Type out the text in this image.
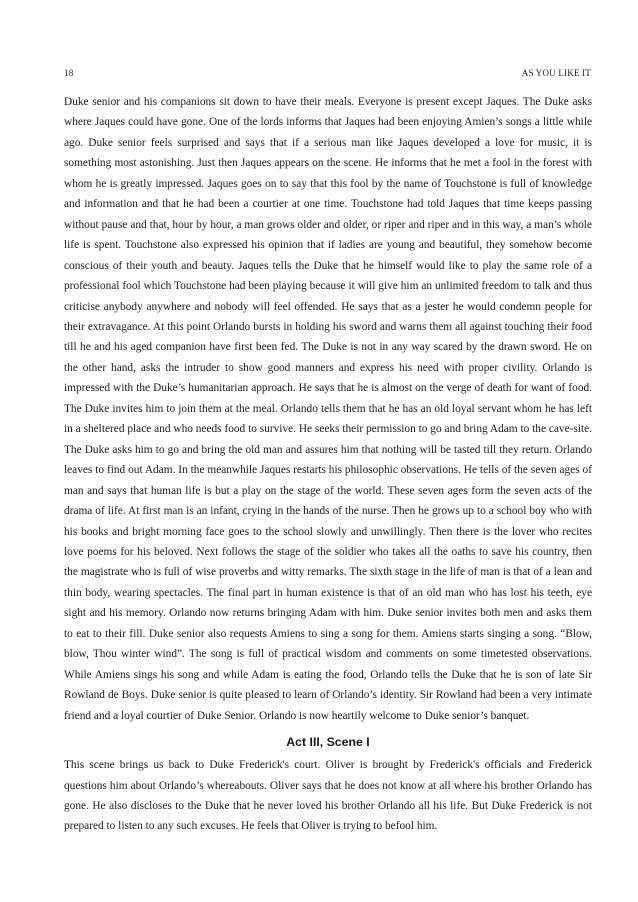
18	AS YOU LIKE IT

Duke senior and his companions sit down to have their meals. Everyone is present except Jaques. The Duke asks where Jaques could have gone. One of the lords informs that Jaques had been enjoying Amien’s songs a little while ago. Duke senior feels surprised and says that if a serious man like Jaques developed a love for music, it is something most astonishing. Just then Jaques appears on the scene. He informs that he met a fool in the forest with whom he is greatly impressed. Jaques goes on to say that this fool by the name of Touchstone is full of knowledge and information and that he had been a courtier at one time. Touchstone had told Jaques that time keeps passing without pause and that, hour by hour, a man grows older and older, or riper and riper and in this way, a man’s whole life is spent. Touchstone also expressed his opinion that if ladies are young and beautiful, they somehow become conscious of their youth and beauty. Jaques tells the Duke that he himself would like to play the same role of a professional fool which Touchstone had been playing because it will give him an unlimited freedom to talk and thus criticise anybody anywhere and nobody will feel offended. He says that as a jester he would condemn people for their extravagance. At this point Orlando bursts in holding his sword and warns them all against touching their food till he and his aged companion have first been fed. The Duke is not in any way scared by the drawn sword. He on the other hand, asks the intruder to show good manners and express his need with proper civility. Orlando is impressed with the Duke’s humanitarian approach. He says that he is almost on the verge of death for want of food. The Duke invites him to join them at the meal. Orlando tells them that he has an old loyal servant whom he has left in a sheltered place and who needs food to survive. He seeks their permission to go and bring Adam to the cave-site. The Duke asks him to go and bring the old man and assures him that nothing will be tasted till they return. Orlando leaves to find out Adam. In the meanwhile Jaques restarts his philosophic observations. He tells of the seven ages of man and says that human life is but a play on the stage of the world. These seven ages form the seven acts of the drama of life. At first man is an infant, crying in the hands of the nurse. Then he grows up to a school boy who with his books and bright morning face goes to the school slowly and unwillingly. Then there is the lover who recites love poems for his beloved. Next follows the stage of the soldier who takes all the oaths to save his country, then the magistrate who is full of wise proverbs and witty remarks. The sixth stage in the life of man is that of a lean and thin body, wearing spectacles. The final part in human existence is that of an old man who has lost his teeth, eye sight and his memory. Orlando now returns bringing Adam with him. Duke senior invites both men and asks them to eat to their fill. Duke senior also requests Amiens to sing a song for them. Amiens starts singing a song. “Blow, blow, Thou winter wind”. The song is full of practical wisdom and comments on some timetested observations. While Amiens sings his song and while Adam is eating the food, Orlando tells the Duke that he is son of late Sir Rowland de Boys. Duke senior is quite pleased to learn of Orlando’s identity. Sir Rowland had been a very intimate friend and a loyal courtier of Duke Senior. Orlando is now heartily welcome to Duke senior’s banquet.

Act III, Scene I

This scene brings us back to Duke Frederick's court. Oliver is brought by Frederick's officials and Frederick questions him about Orlando’s whereabouts. Oliver says that he does not know at all where his brother Orlando has gone. He also discloses to the Duke that he never loved his brother Orlando all his life. But Duke Frederick is not prepared to listen to any such excuses. He feels that Oliver is trying to befool him.
